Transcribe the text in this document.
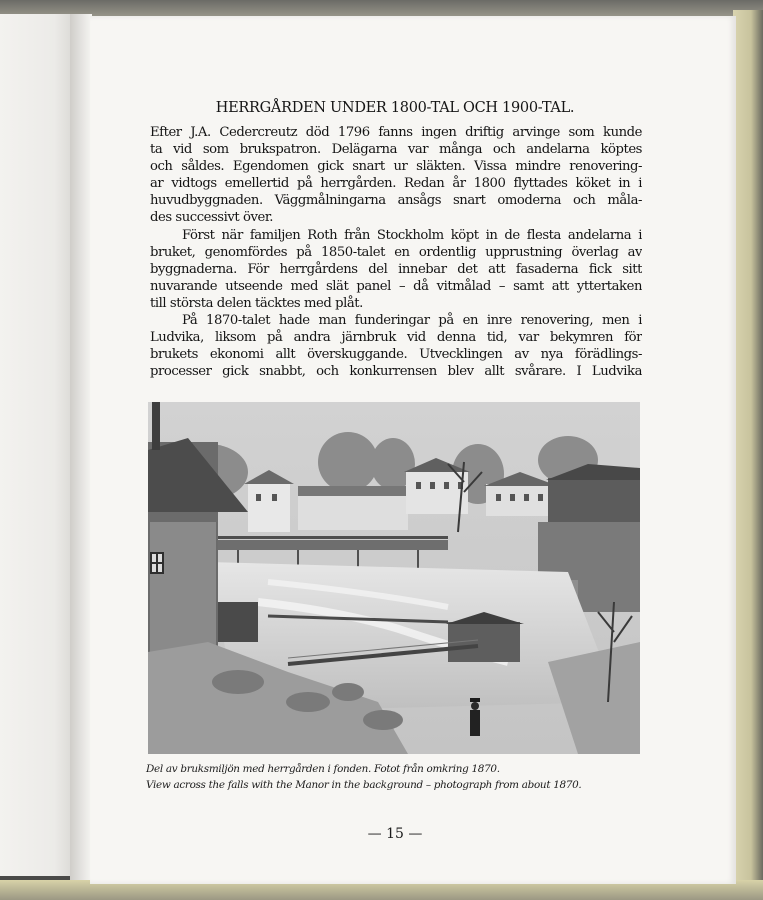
HERRGÅRDEN UNDER 1800-TAL OCH 1900-TAL.
Efter J.A. Cedercreutz död 1796 fanns ingen driftig arvinge som kunde
ta vid som brukspatron. Delägarna var många och andelarna köptes
och såldes. Egendomen gick snart ur släkten. Vissa mindre renovering-
ar vidtogs emellertid på herrgården. Redan år 1800 flyttades köket in i
huvudbyggnaden. Väggmålningarna ansågs snart omoderna och måla-
des successivt över.
Först när familjen Roth från Stockholm köpt in de flesta andelarna i
bruket, genomfördes på 1850-talet en ordentlig upprustning överlag av
byggnaderna. För herrgårdens del innebar det att fasaderna fick sitt
nuvarande utseende med slät panel – då vitmålad – samt att yttertaken
till största delen täcktes med plåt.
På 1870-talet hade man funderingar på en inre renovering, men i
Ludvika, liksom på andra järnbruk vid denna tid, var bekymren för
brukets ekonomi allt överskuggande. Utvecklingen av nya förädlings-
processer gick snabbt, och konkurrensen blev allt svårare. I Ludvika
Del av bruksmiljön med herrgården i fonden. Fotot från omkring 1870.
View across the falls with the Manor in the background – photograph from about 1870.
— 15 —
